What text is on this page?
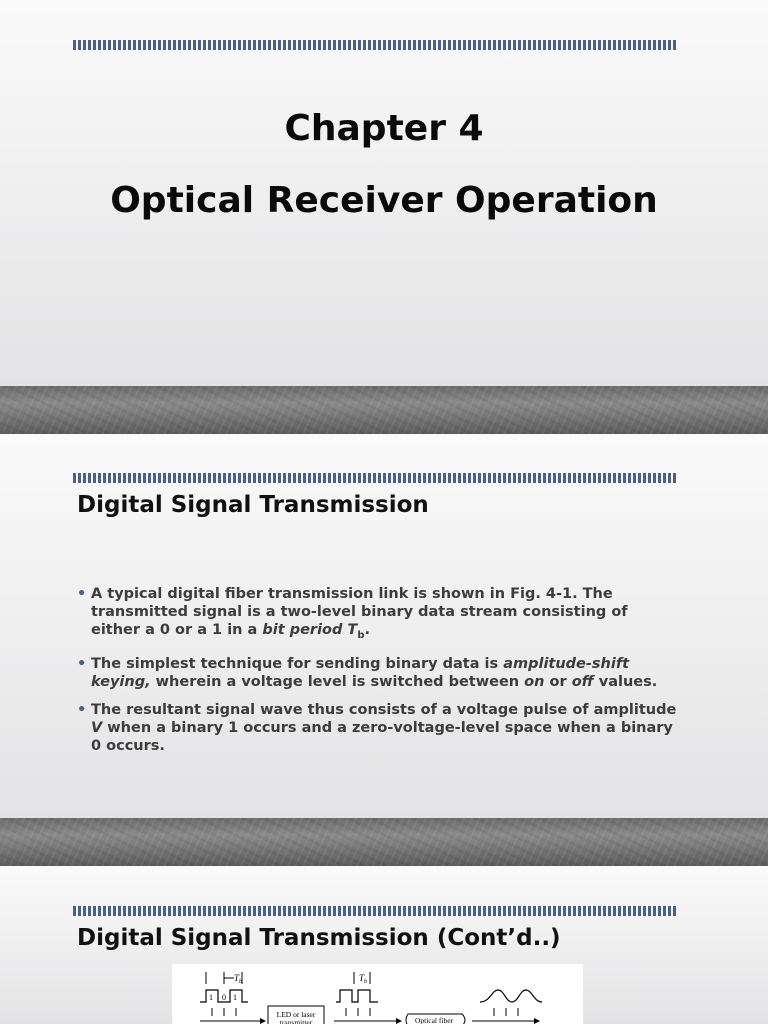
Chapter 4
Optical Receiver Operation
Digital Signal Transmission
• A typical digital fiber transmission link is shown in Fig. 4-1. The transmitted signal is a two-level binary data stream consisting of either a 0 or a 1 in a bit period $T_b$.
• The simplest technique for sending binary data is amplitude-shift keying, wherein a voltage level is switched between on or off values.
• The resultant signal wave thus consists of a voltage pulse of amplitude V when a binary 1 occurs and a zero-voltage-level space when a binary 0 occurs.
Digital Signal Transmission (Cont’d..)
$T_b$
1 0 1
LED or laser
transmitter
$T_b$
Optical fiber
